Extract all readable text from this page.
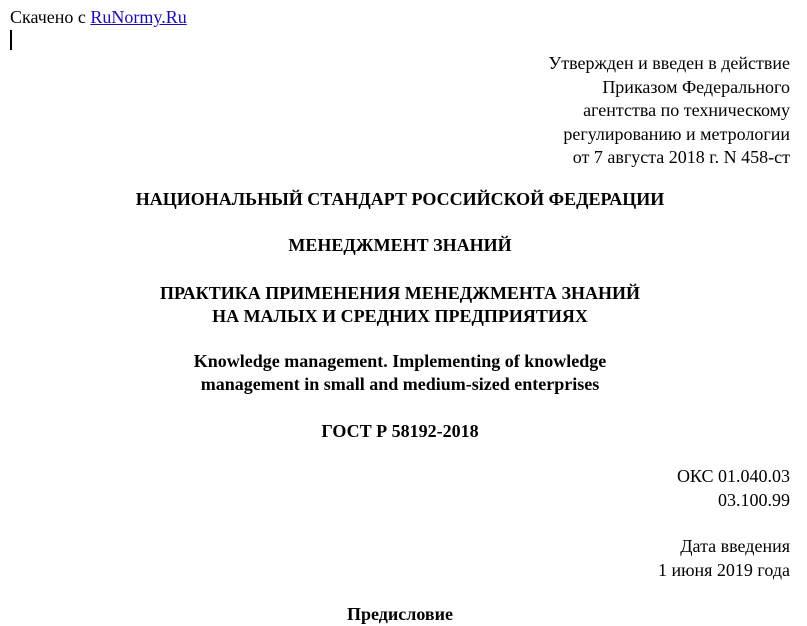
Скачено с RuNormy.Ru
Утвержден и введен в действие
Приказом Федерального
агентства по техническому
регулированию и метрологии
от 7 августа 2018 г. N 458-ст
НАЦИОНАЛЬНЫЙ СТАНДАРТ РОССИЙСКОЙ ФЕДЕРАЦИИ
МЕНЕДЖМЕНТ ЗНАНИЙ
ПРАКТИКА ПРИМЕНЕНИЯ МЕНЕДЖМЕНТА ЗНАНИЙ
НА МАЛЫХ И СРЕДНИХ ПРЕДПРИЯТИЯХ
Knowledge management. Implementing of knowledge
management in small and medium-sized enterprises
ГОСТ Р 58192-2018
ОКС 01.040.03
03.100.99
Дата введения
1 июня 2019 года
Предисловие
